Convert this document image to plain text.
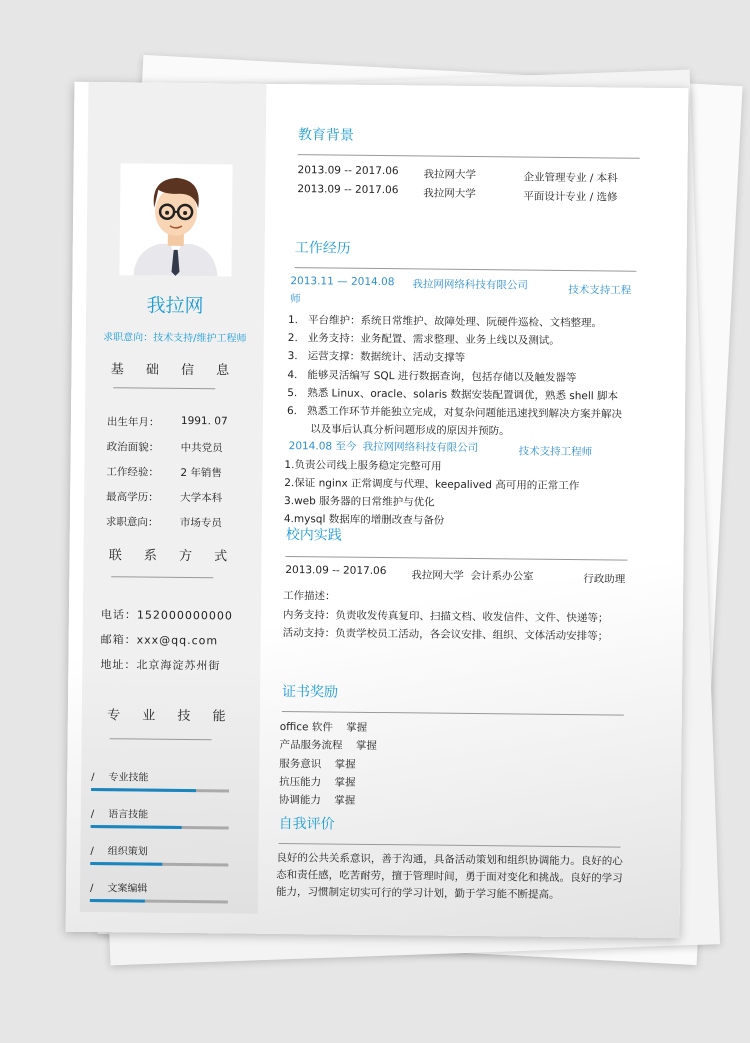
我拉网
求职意向：技术支持/维护工程师
基 础 信 息
出生年月： 1991. 07
政治面貌： 中共党员
工作经验： 2 年销售
最高学历： 大学本科
求职意向： 市场专员
联 系 方 式
电话：152000000000
邮箱：xxx@qq.com
地址：北京海淀苏州街
专 业 技 能
/ 专业技能
/ 语言技能
/ 组织策划
/ 文案编辑
教育背景
2013.09 -- 2017.06 我拉网大学	企业管理专业 / 本科
2013.09 -- 2017.06 我拉网大学	平面设计专业 / 选修
工作经历
2013.11 — 2014.08 我拉网网络科技有限公司	技术支持工程
师
1.   平台维护：系统日常维护、故障处理、阮硬件巡检、文档整理。
2.   业务支持：业务配置、需求整理、业务上线以及测试。
3.   运营支撑：数据统计、活动支撑等
4.   能够灵活编写 SQL 进行数据查询，包括存储以及触发器等
5.   熟悉 Linux、oracle、solaris 数据安装配置调优，熟悉 shell 脚本
6.   熟悉工作环节并能独立完成，对复杂问题能迅速找到解决方案并解决
以及事后认真分析问题形成的原因并预防。
2014.08 至今 我拉网网络科技有限公司	技术支持工程师
1.负责公司线上服务稳定完整可用
2.保证 nginx 正常调度与代理、keepalived 高可用的正常工作
3.web 服务器的日常维护与优化
4.mysql 数据库的增删改查与备份
校内实践
2013.09 -- 2017.06 我拉网大学  会计系办公室	行政助理
工作描述：
内务支持：负责收发传真复印、扫描文档、收发信件、文件、快递等；
活动支持：负责学校员工活动，各会议安排、组织、文体活动安排等；
证书奖励
office 软件    掌握
产品服务流程    掌握
服务意识    掌握
抗压能力    掌握
协调能力    掌握
自我评价
良好的公共关系意识，善于沟通，具备活动策划和组织协调能力。良好的心态和责任感，吃苦耐劳，擅于管理时间，勇于面对变化和挑战。良好的学习能力，习惯制定切实可行的学习计划，勤于学习能不断提高。
